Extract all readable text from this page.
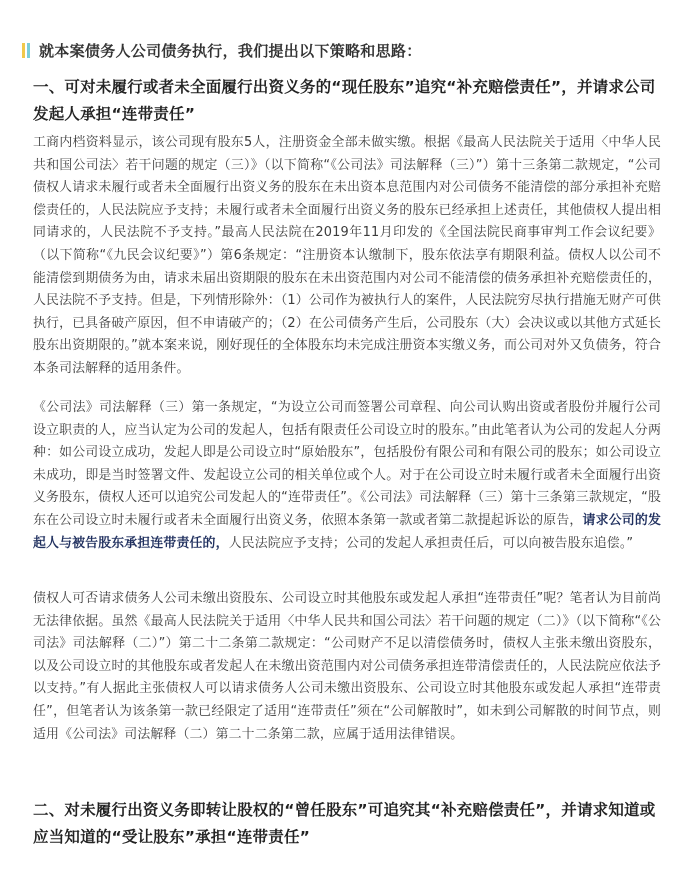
就本案债务人公司债务执行，我们提出以下策略和思路：
一、可对未履行或者未全面履行出资义务的“现任股东”追究“补充赔偿责任”，并请求公司发起人承担“连带责任”
工商内档资料显示，该公司现有股东5人，注册资金全部未做实缴。根据《最高人民法院关于适用〈中华人民共和国公司法〉若干问题的规定（三）》（以下简称“《公司法》司法解释（三）”）第十三条第二款规定，“公司债权人请求未履行或者未全面履行出资义务的股东在未出资本息范围内对公司债务不能清偿的部分承担补充赔偿责任的，人民法院应予支持；未履行或者未全面履行出资义务的股东已经承担上述责任，其他债权人提出相同请求的，人民法院不予支持。”最高人民法院在2019年11月印发的《全国法院民商事审判工作会议纪要》（以下简称“《九民会议纪要》”）第6条规定：“注册资本认缴制下，股东依法享有期限利益。债权人以公司不能清偿到期债务为由，请求未届出资期限的股东在未出资范围内对公司不能清偿的债务承担补充赔偿责任的，人民法院不予支持。但是，下列情形除外：（1）公司作为被执行人的案件，人民法院穷尽执行措施无财产可供执行，已具备破产原因，但不申请破产的；（2）在公司债务产生后，公司股东（大）会决议或以其他方式延长股东出资期限的。”就本案来说，刚好现任的全体股东均未完成注册资本实缴义务，而公司对外又负债务，符合本条司法解释的适用条件。
《公司法》司法解释（三）第一条规定，“为设立公司而签署公司章程、向公司认购出资或者股份并履行公司设立职责的人，应当认定为公司的发起人，包括有限责任公司设立时的股东。”由此笔者认为公司的发起人分两种：如公司设立成功，发起人即是公司设立时“原始股东”，包括股份有限公司和有限公司的股东；如公司设立未成功，即是当时签署文件、发起设立公司的相关单位或个人。对于在公司设立时未履行或者未全面履行出资义务股东，债权人还可以追究公司发起人的“连带责任”。《公司法》司法解释（三）第十三条第三款规定，“股东在公司设立时未履行或者未全面履行出资义务，依照本条第一款或者第二款提起诉讼的原告，请求公司的发起人与被告股东承担连带责任的，人民法院应予支持；公司的发起人承担责任后，可以向被告股东追偿。”
债权人可否请求债务人公司未缴出资股东、公司设立时其他股东或发起人承担“连带责任”呢？笔者认为目前尚无法律依据。虽然《最高人民法院关于适用〈中华人民共和国公司法〉若干问题的规定（二）》（以下简称“《公司法》司法解释（二）”）第二十二条第二款规定：“公司财产不足以清偿债务时，债权人主张未缴出资股东，以及公司设立时的其他股东或者发起人在未缴出资范围内对公司债务承担连带清偿责任的，人民法院应依法予以支持。”有人据此主张债权人可以请求债务人公司未缴出资股东、公司设立时其他股东或发起人承担“连带责任”，但笔者认为该条第一款已经限定了适用“连带责任”须在“公司解散时”，如未到公司解散的时间节点，则适用《公司法》司法解释（二）第二十二条第二款，应属于适用法律错误。
二、对未履行出资义务即转让股权的“曾任股东”可追究其“补充赔偿责任”，并请求知道或应当知道的“受让股东”承担“连带责任”
